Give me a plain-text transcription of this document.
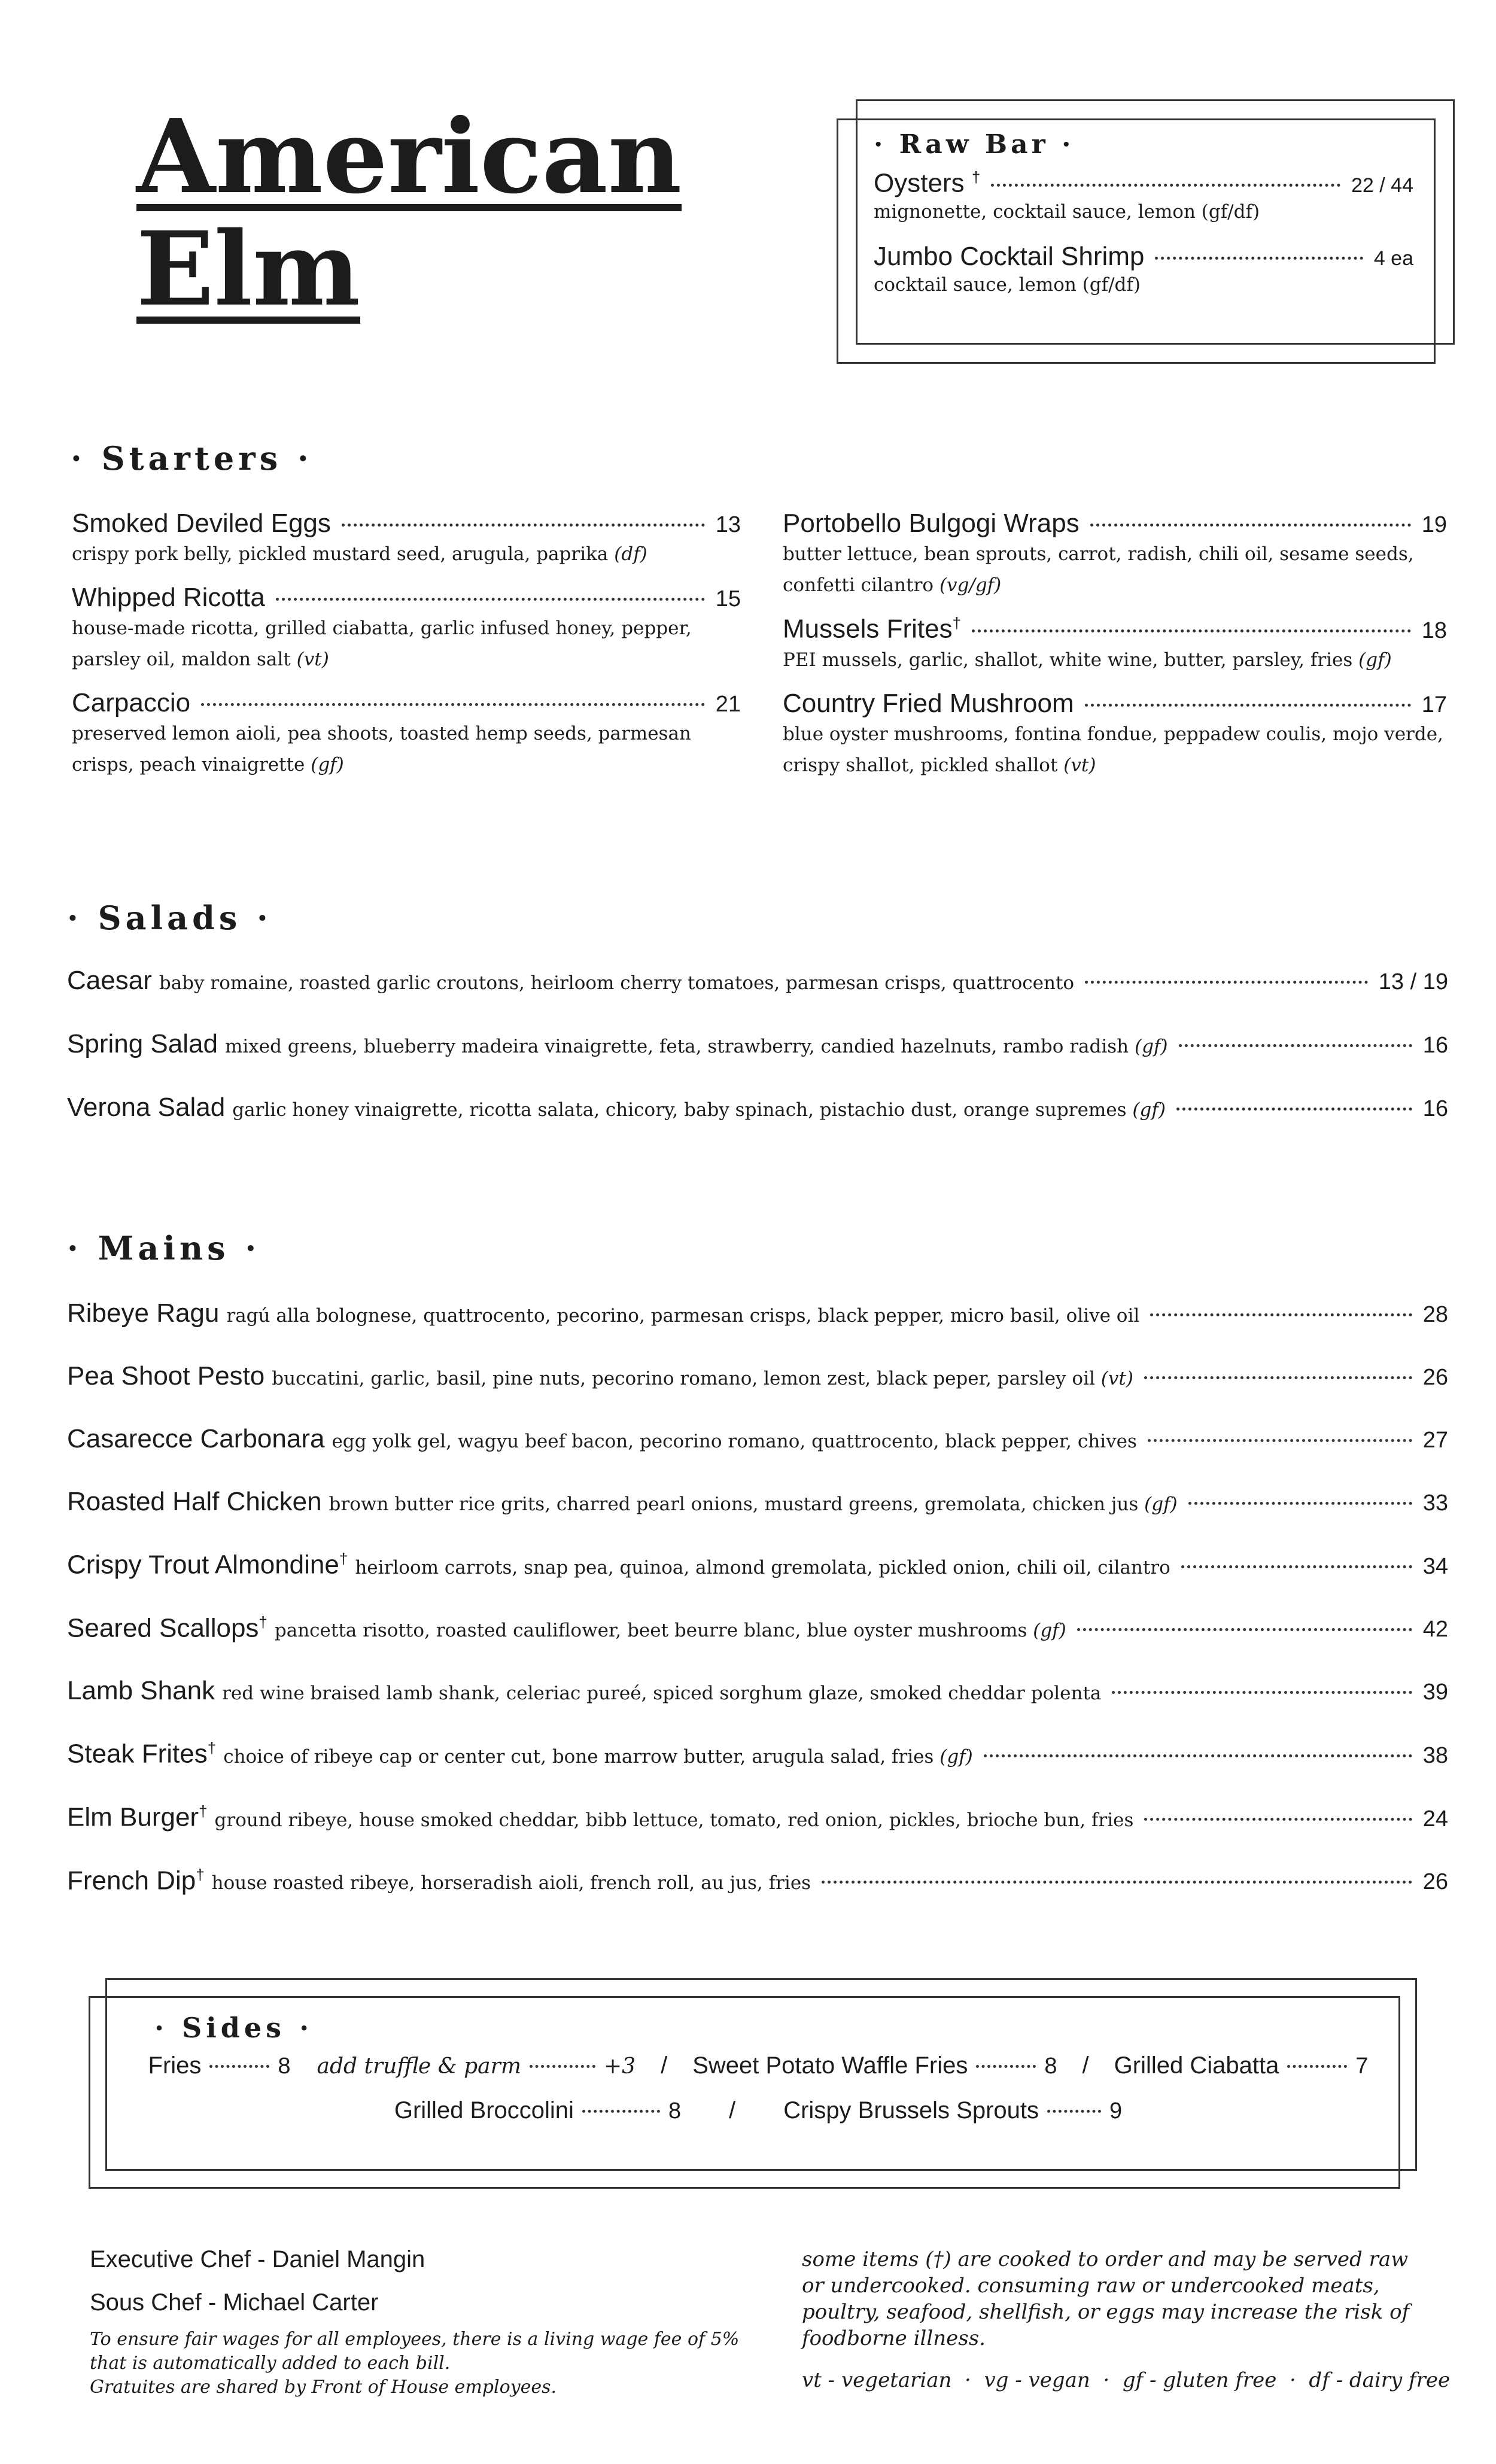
American
Elm
· Raw Bar ·
Oysters †	22 / 44
mignonette, cocktail sauce, lemon (gf/df)
Jumbo Cocktail Shrimp	4 ea
cocktail sauce, lemon (gf/df)
· Starters ·
Smoked Deviled Eggs	13
crispy pork belly, pickled mustard seed, arugula, paprika (df)
Whipped Ricotta	15
house-made ricotta, grilled ciabatta, garlic infused honey, pepper,
parsley oil, maldon salt (vt)
Carpaccio	21
preserved lemon aioli, pea shoots, toasted hemp seeds, parmesan
crisps, peach vinaigrette (gf)
Portobello Bulgogi Wraps	19
butter lettuce, bean sprouts, carrot, radish, chili oil, sesame seeds,
confetti cilantro (vg/gf)
Mussels Frites†	18
PEI mussels, garlic, shallot, white wine, butter, parsley, fries (gf)
Country Fried Mushroom	17
blue oyster mushrooms, fontina fondue, peppadew coulis, mojo verde,
crispy shallot, pickled shallot (vt)
· Salads ·
Caesar baby romaine, roasted garlic croutons, heirloom cherry tomatoes, parmesan crisps, quattrocento	13 / 19
Spring Salad mixed greens, blueberry madeira vinaigrette, feta, strawberry, candied hazelnuts, rambo radish (gf)	16
Verona Salad garlic honey vinaigrette, ricotta salata, chicory, baby spinach, pistachio dust, orange supremes (gf)	16
· Mains ·
Ribeye Ragu ragú alla bolognese, quattrocento, pecorino, parmesan crisps, black pepper, micro basil, olive oil	28
Pea Shoot Pesto buccatini, garlic, basil, pine nuts, pecorino romano, lemon zest, black peper, parsley oil (vt)	26
Casarecce Carbonara egg yolk gel, wagyu beef bacon, pecorino romano, quattrocento, black pepper, chives	27
Roasted Half Chicken brown butter rice grits, charred pearl onions, mustard greens, gremolata, chicken jus (gf)	33
Crispy Trout Almondine† heirloom carrots, snap pea, quinoa, almond gremolata, pickled onion, chili oil, cilantro	34
Seared Scallops† pancetta risotto, roasted cauliflower, beet beurre blanc, blue oyster mushrooms (gf)	42
Lamb Shank red wine braised lamb shank, celeriac pureé, spiced sorghum glaze, smoked cheddar polenta	39
Steak Frites† choice of ribeye cap or center cut, bone marrow butter, arugula salad, fries (gf)	38
Elm Burger† ground ribeye, house smoked cheddar, bibb lettuce, tomato, red onion, pickles, brioche bun, fries	24
French Dip† house roasted ribeye, horseradish aioli, french roll, au jus, fries	26
· Sides ·
Fries	8 add truffle & parm	+3 / Sweet Potato Waffle Fries	8 / Grilled Ciabatta	7
Grilled Broccolini	8 / Crispy Brussels Sprouts	9
Executive Chef - Daniel Mangin
Sous Chef - Michael Carter
To ensure fair wages for all employees, there is a living wage fee of 5% that is automatically added to each bill.
Gratuites are shared by Front of House employees.
some items (†) are cooked to order and may be served raw or undercooked. consuming raw or undercooked meats, poultry, seafood, shellfish, or eggs may increase the risk of foodborne illness.
vt - vegetarian  ·  vg - vegan  ·  gf - gluten free  ·  df - dairy free
